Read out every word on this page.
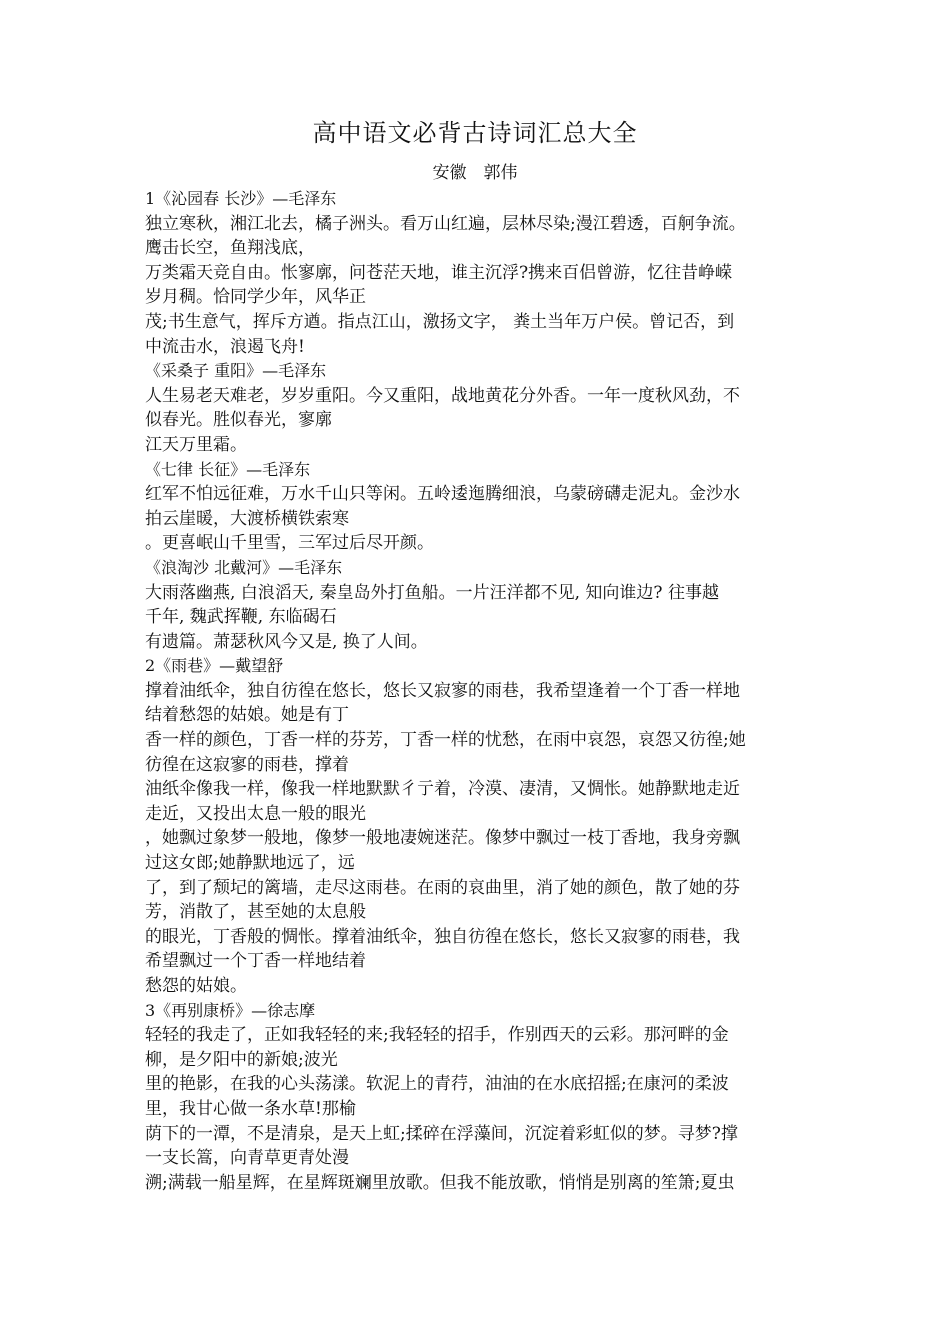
高中语文必背古诗词汇总大全
安徽　郭伟
1《沁园春 长沙》—毛泽东
独立寒秋，湘江北去，橘子洲头。看万山红遍，层林尽染;漫江碧透，百舸争流。
鹰击长空，鱼翔浅底，
万类霜天竞自由。怅寥廓，问苍茫天地，谁主沉浮?携来百侣曾游，忆往昔峥嵘
岁月稠。恰同学少年，风华正
茂;书生意气，挥斥方遒。指点江山，激扬文字， 粪土当年万户侯。曾记否，到
中流击水，浪遏飞舟!
《采桑子 重阳》—毛泽东
人生易老天难老，岁岁重阳。今又重阳，战地黄花分外香。一年一度秋风劲，不
似春光。胜似春光，寥廓
江天万里霜。
《七律 长征》—毛泽东
红军不怕远征难，万水千山只等闲。五岭逶迤腾细浪，乌蒙磅礴走泥丸。金沙水
拍云崖暖，大渡桥横铁索寒
。更喜岷山千里雪，三军过后尽开颜。
《浪淘沙 北戴河》—毛泽东
大雨落幽燕, 白浪滔天, 秦皇岛外打鱼船。一片汪洋都不见, 知向谁边? 往事越
千年, 魏武挥鞭, 东临碣石
有遗篇。萧瑟秋风今又是, 换了人间。
2《雨巷》—戴望舒
撑着油纸伞，独自彷徨在悠长，悠长又寂寥的雨巷，我希望逢着一个丁香一样地
结着愁怨的姑娘。她是有丁
香一样的颜色，丁香一样的芬芳，丁香一样的忧愁，在雨中哀怨，哀怨又彷徨;她
彷徨在这寂寥的雨巷，撑着
油纸伞像我一样，像我一样地默默彳亍着，冷漠、凄清，又惆怅。她静默地走近
走近，又投出太息一般的眼光
，她飘过象梦一般地，像梦一般地凄婉迷茫。像梦中飘过一枝丁香地，我身旁飘
过这女郎;她静默地远了，远
了，到了颓圮的篱墙，走尽这雨巷。在雨的哀曲里，消了她的颜色，散了她的芬
芳，消散了，甚至她的太息般
的眼光，丁香般的惆怅。撑着油纸伞，独自彷徨在悠长，悠长又寂寥的雨巷，我
希望飘过一个丁香一样地结着
愁怨的姑娘。
3《再别康桥》—徐志摩
轻轻的我走了，正如我轻轻的来;我轻轻的招手，作别西天的云彩。那河畔的金
柳，是夕阳中的新娘;波光
里的艳影，在我的心头荡漾。软泥上的青荇，油油的在水底招摇;在康河的柔波
里，我甘心做一条水草!那榆
荫下的一潭，不是清泉，是天上虹;揉碎在浮藻间，沉淀着彩虹似的梦。寻梦?撑
一支长篙，向青草更青处漫
溯;满载一船星辉，在星辉斑斓里放歌。但我不能放歌，悄悄是别离的笙箫;夏虫
